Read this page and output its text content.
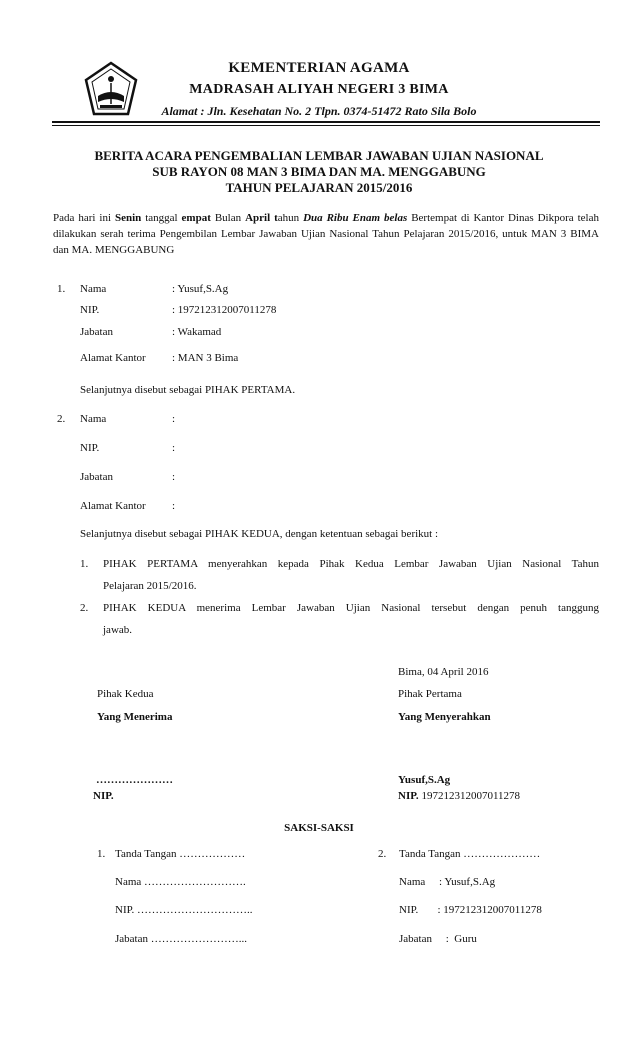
KEMENTERIAN AGAMA
MADRASAH ALIYAH NEGERI 3 BIMA
Alamat : Jln. Kesehatan No. 2 Tlpn. 0374-51472 Rato Sila Bolo
BERITA ACARA PENGEMBALIAN LEMBAR JAWABAN UJIAN NASIONAL
SUB RAYON 08 MAN 3 BIMA DAN MA. MENGGABUNG
TAHUN PELAJARAN 2015/2016
Pada hari ini Senin tanggal empat Bulan April tahun Dua Ribu Enam belas Bertempat di Kantor Dinas Dikpora telah dilakukan serah terima Pengembilan Lembar Jawaban Ujian Nasional Tahun Pelajaran 2015/2016, untuk MAN 3 BIMA dan MA. MENGGABUNG
1. Nama	: Yusuf,S.Ag
NIP.	: 197212312007011278
Jabatan	: Wakamad
Alamat Kantor : MAN 3 Bima
Selanjutnya disebut sebagai PIHAK PERTAMA.
2. Nama	:
NIP.	:
Jabatan	:
Alamat Kantor :
Selanjutnya disebut sebagai PIHAK KEDUA, dengan ketentuan sebagai berikut :
1. PIHAK PERTAMA menyerahkan kepada Pihak Kedua Lembar Jawaban Ujian Nasional Tahun
Pelajaran 2015/2016.
2. PIHAK KEDUA menerima Lembar Jawaban Ujian Nasional tersebut dengan penuh tanggung
jawab.
Bima, 04 April 2016
Pihak Kedua	Pihak Pertama
Yang Menerima	Yang Menyerahkan
…………………
NIP.
Yusuf,S.Ag
NIP. 197212312007011278
SAKSI-SAKSI
1. Tanda Tangan ………………
Nama ……………………….
NIP. …………………………..
Jabatan ……………………...
2. Tanda Tangan …………………
Nama     : Yusuf,S.Ag
NIP.       : 197212312007011278
Jabatan     :  Guru
